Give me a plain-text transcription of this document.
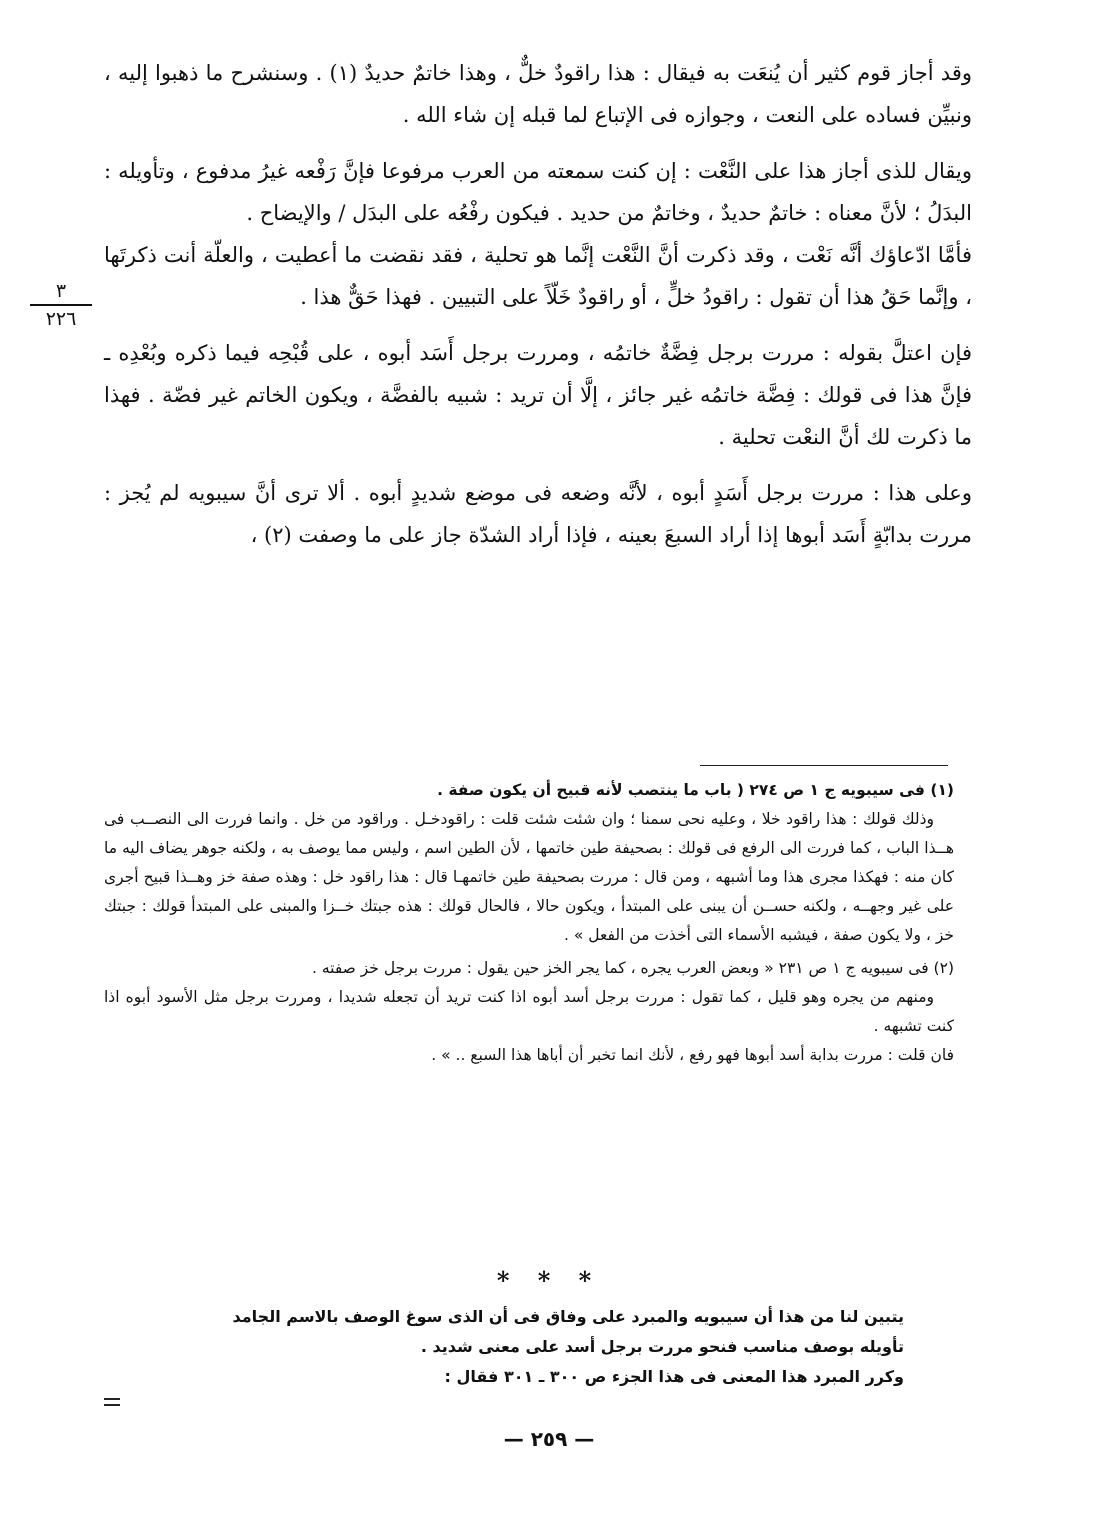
٣
٢٢٦

وقد أجاز قوم كثير أن يُنعَت به فيقال : هذا راقودٌ خلٌّ ، وهذا خاتمٌ حديدٌ (١) . وسنشرح ما ذهبوا إليه ، ونبيِّن فساده على النعت ، وجوازه فى الإتباع لما قبله إن شاء الله .

ويقال للذى أجاز هذا على النَّعْت : إن كنت سمعته من العرب مرفوعا فإنَّ رَفْعه غيرُ مدفوع ، وتأويله : البدَلُ ؛ لأنَّ معناه : خاتمٌ حديدٌ ، وخاتمٌ من حديد . فيكون رفْعُه على البدَل / والإيضاح .

فأمَّا ادّعاؤك أنَّه نَعْت ، وقد ذكرت أنَّ النَّعْت إنَّما هو تحلية ، فقد نقضت ما أعطيت ، والعلّة أنت ذكرتَها ، وإنَّما حَقُ هذا أن تقول : راقودُ خلٍّ ، أو راقودٌ خَلّاً على التبيين . فهذا حَقٌّ هذا .

فإن اعتلَّ بقوله : مررت برجل فِضَّةٌ خاتمُه ، ومررت برجل أَسَد أبوه ، على قُبْحِه فيما ذكره وبُعْدِه ـ فإنَّ هذا فى قولك : فِضَّة خاتمُه غير جائز ، إلَّا أن تريد : شبيه بالفضَّة ، ويكون الخاتم غير فضّة . فهذا ما ذكرت لك أنَّ النعْت تحلية .

وعلى هذا : مررت برجل أَسَدٍ أبوه ، لأنَّه وضعه فى موضع شديدٍ أبوه . ألا ترى أنَّ سيبويه لم يُجز : مررت بدابّةٍ أَسَد أبوها إذا أراد السبعَ بعينه ، فإذا أراد الشدّة جاز على ما وصفت (٢) ،

(١) فى سيبويه ج ١ ص ٢٧٤ ( باب ما ينتصب لأنه قبيح أن يكون صفة .

وذلك قولك : هذا راقود خلا ، وعليه نحى سمنا ؛ وان شئت شئت قلت : راقودخـل . وراقود من خل . وانما فررت الى النصــب فى هــذا الباب ، كما فررت الى الرفع فى قولك : بصحيفة طين خاتمها ، لأن الطين اسم ، وليس مما يوصف به ، ولكنه جوهر يضاف اليه ما كان منه : فهكذا مجرى هذا وما أشبهه ، ومن قال : مررت بصحيفة طين خاتمهـا قال : هذا راقود خل : وهذه صفة خز وهــذا قبيح أجرى على غير وجهــه ، ولكنه حســن أن يبنى على المبتدأ ، ويكون حالا ، فالحال قولك : هذه جبتك خــزا والمبنى على المبتدأ قولك : جبتك خز ، ولا يكون صفة ، فيشبه الأسماء التى أخذت من الفعل » .

(٢) فى سيبويه ج ١ ص ٢٣١ « وبعض العرب يجره ، كما يجر الخز حين يقول : مررت برجل خز صفته .

ومنهم من يجره وهو قليل ، كما تقول : مررت برجل أسد أبوه اذا كنت تريد أن تجعله شديدا ، ومررت برجل مثل الأسود أبوه اذا كنت تشبهه .

فان قلت : مررت بدابة أسد أبوها فهو رفع ، لأنك انما تخبر أن أباها هذا السبع .. » .

* * *

يتبين لنا من هذا أن سيبويه والمبرد على وفاق فى أن الذى سوغ الوصف بالاسم الجامد

تأويله بوصف مناسب فنحو مررت برجل أسد على معنى شديد .

وكرر المبرد هذا المعنى فى هذا الجزء ص ٣٠٠ ـ ٣٠١ فقال :

— ٢٥٩ —
